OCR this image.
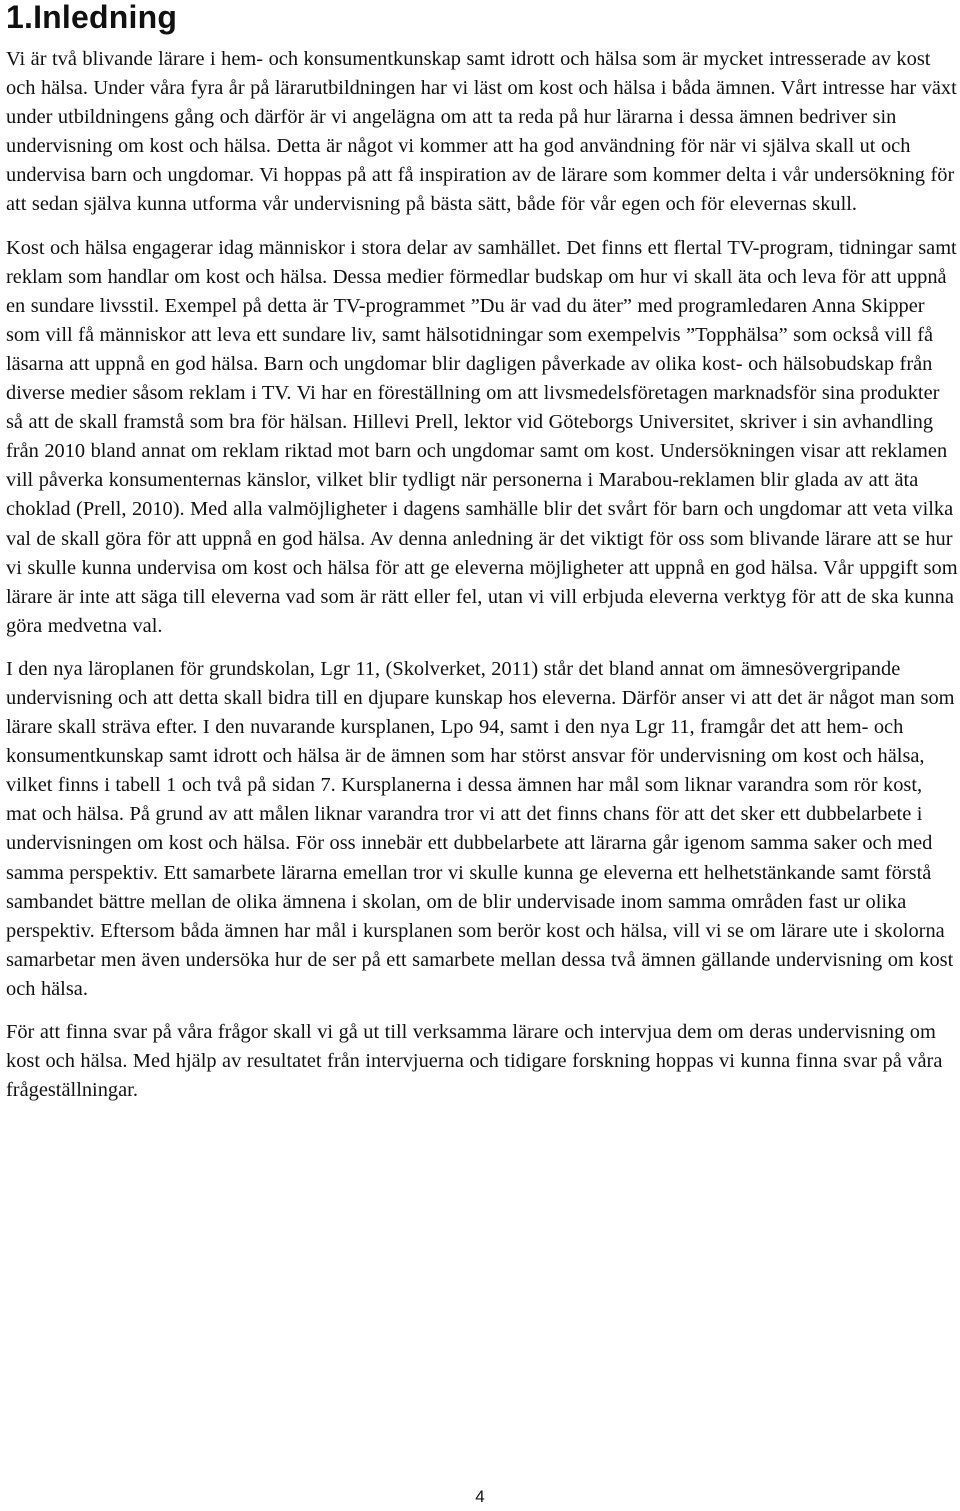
1.Inledning

Vi är två blivande lärare i hem- och konsumentkunskap samt idrott och hälsa som är mycket intresserade av kost och hälsa. Under våra fyra år på lärarutbildningen har vi läst om kost och hälsa i båda ämnen. Vårt intresse har växt under utbildningens gång och därför är vi angelägna om att ta reda på hur lärarna i dessa ämnen bedriver sin undervisning om kost och hälsa. Detta är något vi kommer att ha god användning för när vi själva skall ut och undervisa barn och ungdomar. Vi hoppas på att få inspiration av de lärare som kommer delta i vår undersökning för att sedan själva kunna utforma vår undervisning på bästa sätt, både för vår egen och för elevernas skull.

Kost och hälsa engagerar idag människor i stora delar av samhället. Det finns ett flertal TV-program, tidningar samt reklam som handlar om kost och hälsa. Dessa medier förmedlar budskap om hur vi skall äta och leva för att uppnå en sundare livsstil. Exempel på detta är TV-programmet ”Du är vad du äter” med programledaren Anna Skipper som vill få människor att leva ett sundare liv, samt hälsotidningar som exempelvis ”Topphälsa” som också vill få läsarna att uppnå en god hälsa. Barn och ungdomar blir dagligen påverkade av olika kost- och hälsobudskap från diverse medier såsom reklam i TV. Vi har en föreställning om att livsmedelsföretagen marknadsför sina produkter så att de skall framstå som bra för hälsan. Hillevi Prell, lektor vid Göteborgs Universitet, skriver i sin avhandling från 2010 bland annat om reklam riktad mot barn och ungdomar samt om kost. Undersökningen visar att reklamen vill påverka konsumenternas känslor, vilket blir tydligt när personerna i Marabou-reklamen blir glada av att äta choklad (Prell, 2010). Med alla valmöjligheter i dagens samhälle blir det svårt för barn och ungdomar att veta vilka val de skall göra för att uppnå en god hälsa. Av denna anledning är det viktigt för oss som blivande lärare att se hur vi skulle kunna undervisa om kost och hälsa för att ge eleverna möjligheter att uppnå en god hälsa. Vår uppgift som lärare är inte att säga till eleverna vad som är rätt eller fel, utan vi vill erbjuda eleverna verktyg för att de ska kunna göra medvetna val.

I den nya läroplanen för grundskolan, Lgr 11, (Skolverket, 2011) står det bland annat om ämnesövergripande undervisning och att detta skall bidra till en djupare kunskap hos eleverna. Därför anser vi att det är något man som lärare skall sträva efter. I den nuvarande kursplanen, Lpo 94, samt i den nya Lgr 11, framgår det att hem- och konsumentkunskap samt idrott och hälsa är de ämnen som har störst ansvar för undervisning om kost och hälsa, vilket finns i tabell 1 och två på sidan 7. Kursplanerna i dessa ämnen har mål som liknar varandra som rör kost, mat och hälsa. På grund av att målen liknar varandra tror vi att det finns chans för att det sker ett dubbelarbete i undervisningen om kost och hälsa. För oss innebär ett dubbelarbete att lärarna går igenom samma saker och med samma perspektiv. Ett samarbete lärarna emellan tror vi skulle kunna ge eleverna ett helhetstänkande samt förstå sambandet bättre mellan de olika ämnena i skolan, om de blir undervisade inom samma områden fast ur olika perspektiv. Eftersom båda ämnen har mål i kursplanen som berör kost och hälsa, vill vi se om lärare ute i skolorna samarbetar men även undersöka hur de ser på ett samarbete mellan dessa två ämnen gällande undervisning om kost och hälsa.

För att finna svar på våra frågor skall vi gå ut till verksamma lärare och intervjua dem om deras undervisning om kost och hälsa. Med hjälp av resultatet från intervjuerna och tidigare forskning hoppas vi kunna finna svar på våra frågeställningar.

4
